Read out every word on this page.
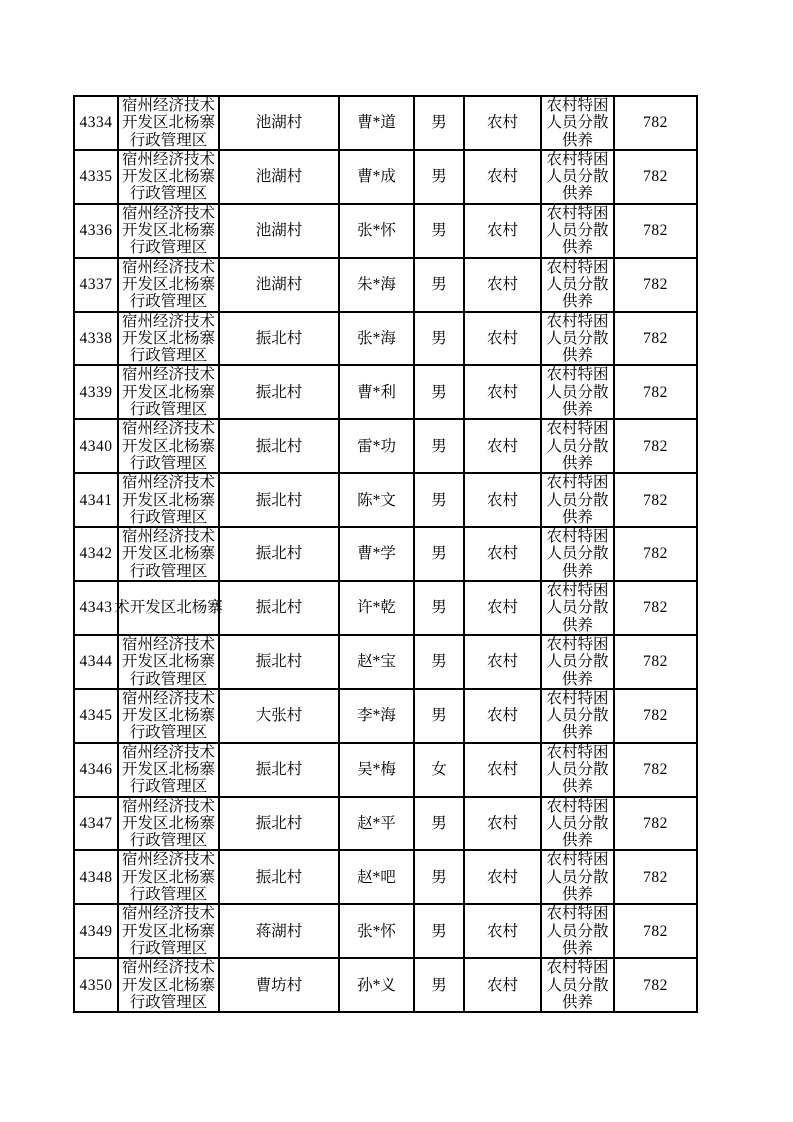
4334	宿州经济技术
开发区北杨寨
行政管理区	池湖村	曹*道	男	农村	农村特困
人员分散
供养	782
4335	宿州经济技术
开发区北杨寨
行政管理区	池湖村	曹*成	男	农村	农村特困
人员分散
供养	782
4336	宿州经济技术
开发区北杨寨
行政管理区	池湖村	张*怀	男	农村	农村特困
人员分散
供养	782
4337	宿州经济技术
开发区北杨寨
行政管理区	池湖村	朱*海	男	农村	农村特困
人员分散
供养	782
4338	宿州经济技术
开发区北杨寨
行政管理区	振北村	张*海	男	农村	农村特困
人员分散
供养	782
4339	宿州经济技术
开发区北杨寨
行政管理区	振北村	曹*利	男	农村	农村特困
人员分散
供养	782
4340	宿州经济技术
开发区北杨寨
行政管理区	振北村	雷*功	男	农村	农村特困
人员分散
供养	782
4341	宿州经济技术
开发区北杨寨
行政管理区	振北村	陈*文	男	农村	农村特困
人员分散
供养	782
4342	宿州经济技术
开发区北杨寨
行政管理区	振北村	曹*学	男	农村	农村特困
人员分散
供养	782
4343	术开发区北杨寨	振北村	许*乾	男	农村	农村特困
人员分散
供养	782
4344	宿州经济技术
开发区北杨寨
行政管理区	振北村	赵*宝	男	农村	农村特困
人员分散
供养	782
4345	宿州经济技术
开发区北杨寨
行政管理区	大张村	李*海	男	农村	农村特困
人员分散
供养	782
4346	宿州经济技术
开发区北杨寨
行政管理区	振北村	吴*梅	女	农村	农村特困
人员分散
供养	782
4347	宿州经济技术
开发区北杨寨
行政管理区	振北村	赵*平	男	农村	农村特困
人员分散
供养	782
4348	宿州经济技术
开发区北杨寨
行政管理区	振北村	赵*吧	男	农村	农村特困
人员分散
供养	782
4349	宿州经济技术
开发区北杨寨
行政管理区	蒋湖村	张*怀	男	农村	农村特困
人员分散
供养	782
4350	宿州经济技术
开发区北杨寨
行政管理区	曹坊村	孙*义	男	农村	农村特困
人员分散
供养	782
